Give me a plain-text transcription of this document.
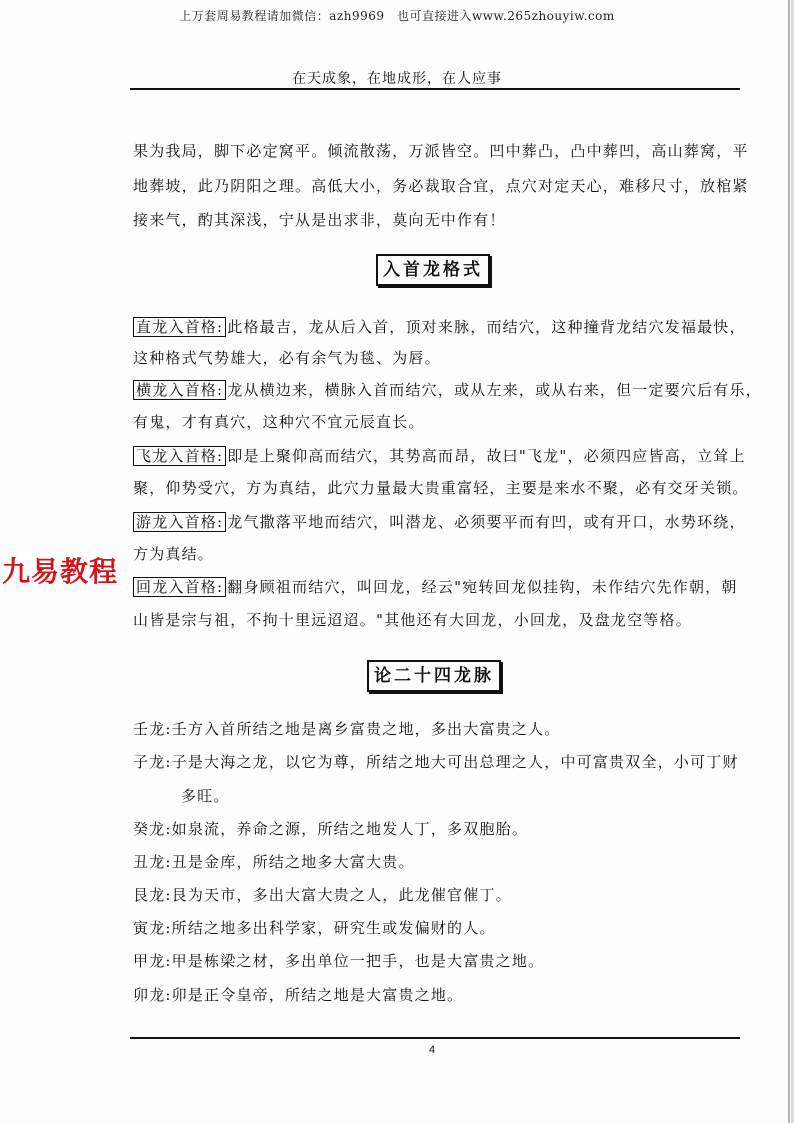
上万套周易教程请加微信：azh9969　也可直接进入www.265zhouyiw.com
在天成象，在地成形，在人应事
果为我局，脚下必定窝平。倾流散荡，万派皆空。凹中葬凸，凸中葬凹，高山葬窝，平
地葬坡，此乃阴阳之理。高低大小，务必裁取合宜，点穴对定天心，难移尺寸，放棺紧
接来气，酌其深浅，宁从是出求非，莫向无中作有！
入首龙格式
直龙入首格: 此格最吉，龙从后入首，顶对来脉，而结穴，这种撞背龙结穴发福最快，
这种格式气势雄大，必有余气为毯、为唇。
横龙入首格: 龙从横边来，横脉入首而结穴，或从左来，或从右来，但一定要穴后有乐，
有鬼，才有真穴，这种穴不宜元辰直长。
飞龙入首格: 即是上聚仰高而结穴，其势高而昂，故曰"飞龙"，必须四应皆高，立耸上
聚，仰势受穴，方为真结，此穴力量最大贵重富轻，主要是来水不聚，必有交牙关锁。
游龙入首格: 龙气撒落平地而结穴，叫潜龙、必须要平而有凹，或有开口，水势环绕，
方为真结。
回龙入首格: 翻身顾祖而结穴，叫回龙，经云"宛转回龙似挂钩，未作结穴先作朝，朝
山皆是宗与祖，不拘十里远迢迢。"其他还有大回龙，小回龙，及盘龙空等格。
论二十四龙脉
壬龙:壬方入首所结之地是离乡富贵之地，多出大富贵之人。
子龙:子是大海之龙，以它为尊，所结之地大可出总理之人，中可富贵双全，小可丁财
多旺。
癸龙:如泉流，养命之源，所结之地发人丁，多双胞胎。
丑龙:丑是金库，所结之地多大富大贵。
艮龙:艮为天市，多出大富大贵之人，此龙催官催丁。
寅龙:所结之地多出科学家，研究生或发偏财的人。
甲龙:甲是栋梁之材，多出单位一把手，也是大富贵之地。
卯龙:卯是正令皇帝，所结之地是大富贵之地。
4
九易教程
